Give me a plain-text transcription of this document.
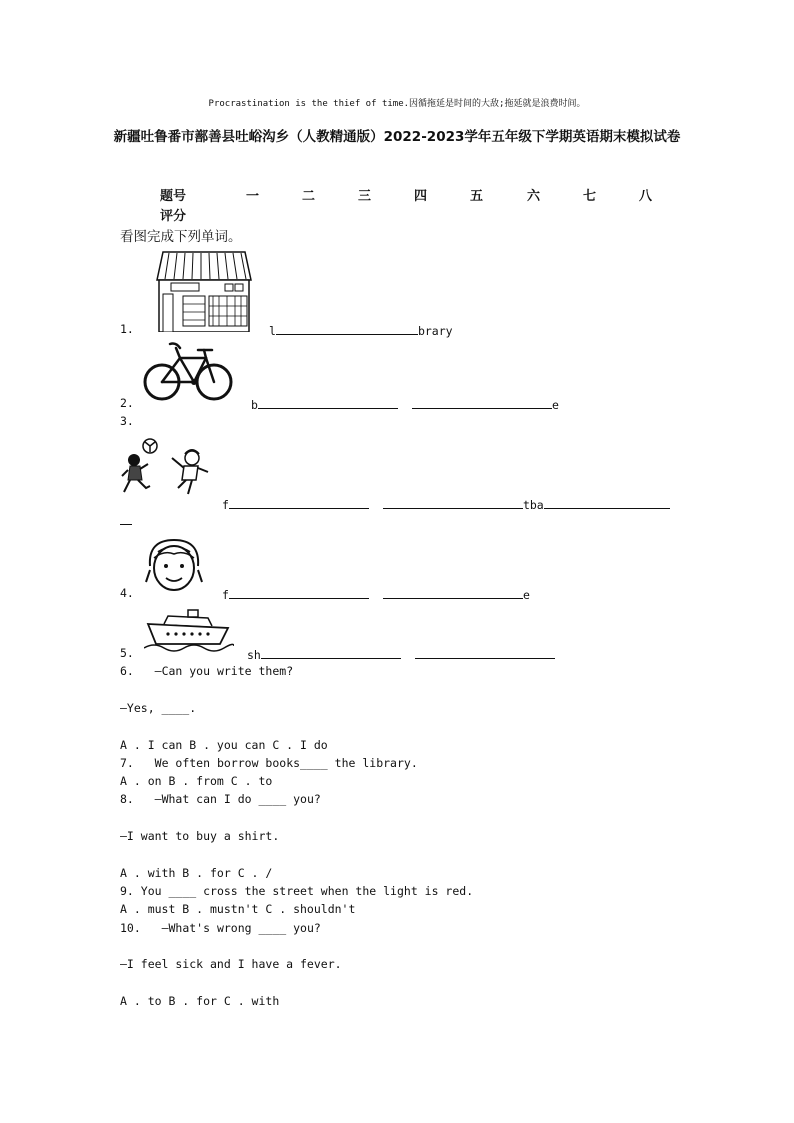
Procrastination is the thief of time.因循拖延是时间的大敌;拖延就是浪费时间。
新疆吐鲁番市鄯善县吐峪沟乡（人教精通版）2022-2023学年五年级下学期英语期末模拟试卷
题号	一	二	三	四	五	六	七	八
评分
看图完成下列单词。
1.	l	brary
2.	b	e
3.
f	tba
4.	f	e
5.	sh
6. —Can you write them?
—Yes, ____.
A . I can B . you can C . I do
7. We often borrow books____ the library.
A . on B . from C . to
8. —What can I do ____ you?
—I want to buy a shirt.
A . with B . for C . /
9. You ____ cross the street when the light is red.
A . must B . mustn't C . shouldn't
10. —What's wrong ____ you?
—I feel sick and I have a fever.
A . to B . for C . with
